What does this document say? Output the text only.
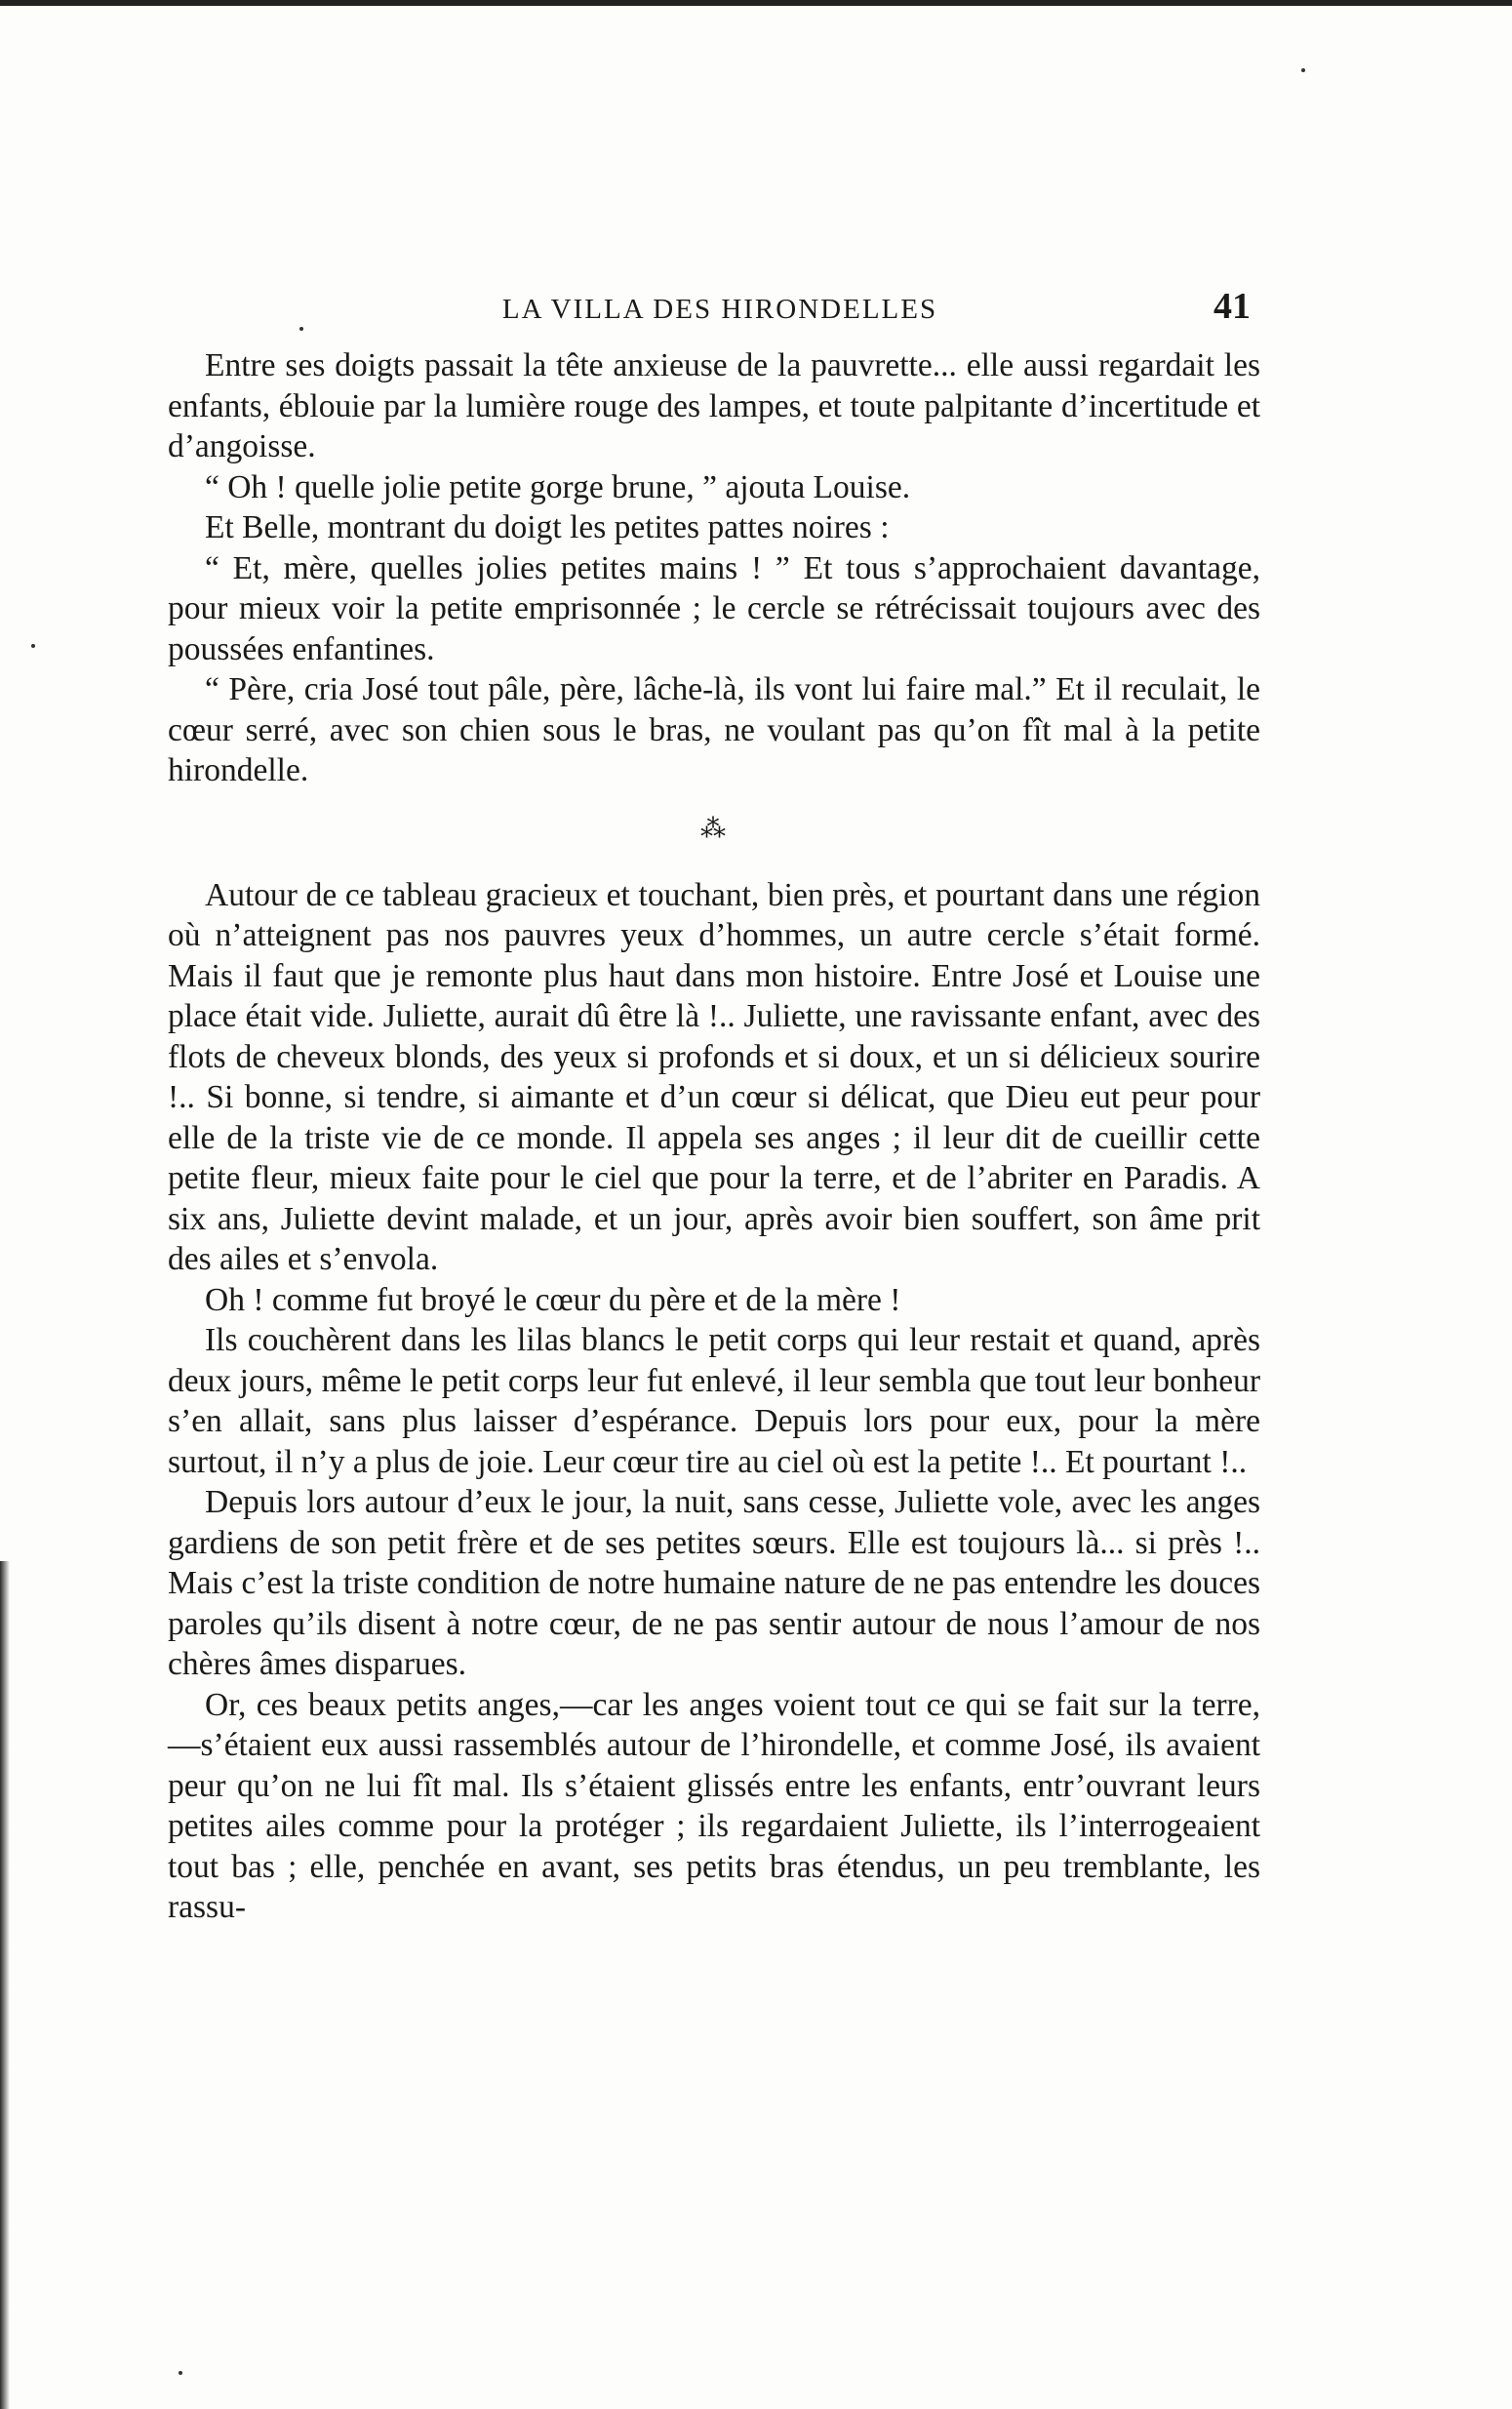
LA VILLA DES HIRONDELLES	41

Entre ses doigts passait la tête anxieuse de la pauvrette... elle aussi regardait les enfants, éblouie par la lumière rouge des lampes, et toute palpitante d’incertitude et d’angoisse.

“ Oh ! quelle jolie petite gorge brune, ” ajouta Louise.

Et Belle, montrant du doigt les petites pattes noires :

“ Et, mère, quelles jolies petites mains ! ” Et tous s’approchaient davantage, pour mieux voir la petite emprisonnée ; le cercle se rétrécissait toujours avec des poussées enfantines.

“ Père, cria José tout pâle, père, lâche-là, ils vont lui faire mal.” Et il reculait, le cœur serré, avec son chien sous le bras, ne voulant pas qu’on fît mal à la petite hirondelle.

⁂

Autour de ce tableau gracieux et touchant, bien près, et pourtant dans une région où n’atteignent pas nos pauvres yeux d’hommes, un autre cercle s’était formé. Mais il faut que je remonte plus haut dans mon histoire. Entre José et Louise une place était vide. Juliette, aurait dû être là !.. Juliette, une ravissante enfant, avec des flots de cheveux blonds, des yeux si profonds et si doux, et un si délicieux sourire !.. Si bonne, si tendre, si aimante et d’un cœur si délicat, que Dieu eut peur pour elle de la triste vie de ce monde. Il appela ses anges ; il leur dit de cueillir cette petite fleur, mieux faite pour le ciel que pour la terre, et de l’abriter en Paradis. A six ans, Juliette devint malade, et un jour, après avoir bien souffert, son âme prit des ailes et s’envola.

Oh ! comme fut broyé le cœur du père et de la mère !

Ils couchèrent dans les lilas blancs le petit corps qui leur restait et quand, après deux jours, même le petit corps leur fut enlevé, il leur sembla que tout leur bonheur s’en allait, sans plus laisser d’espérance. Depuis lors pour eux, pour la mère surtout, il n’y a plus de joie. Leur cœur tire au ciel où est la petite !.. Et pourtant !..

Depuis lors autour d’eux le jour, la nuit, sans cesse, Juliette vole, avec les anges gardiens de son petit frère et de ses petites sœurs. Elle est toujours là... si près !.. Mais c’est la triste condition de notre humaine nature de ne pas entendre les douces paroles qu’ils disent à notre cœur, de ne pas sentir autour de nous l’amour de nos chères âmes disparues.

Or, ces beaux petits anges,—car les anges voient tout ce qui se fait sur la terre,—s’étaient eux aussi rassemblés autour de l’hirondelle, et comme José, ils avaient peur qu’on ne lui fît mal. Ils s’étaient glissés entre les enfants, entr’ouvrant leurs petites ailes comme pour la protéger ; ils regardaient Juliette, ils l’interrogeaient tout bas ; elle, penchée en avant, ses petits bras étendus, un peu tremblante, les rassu-
